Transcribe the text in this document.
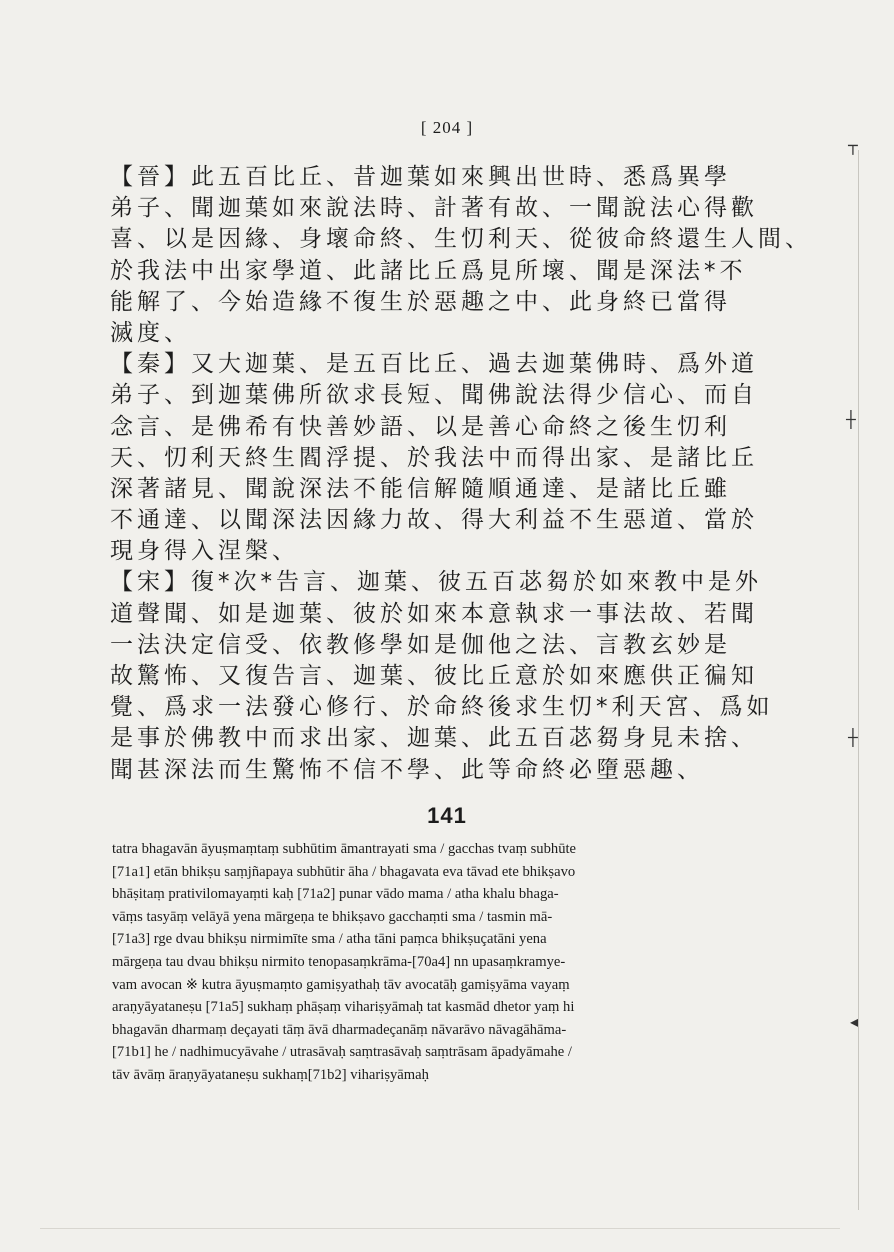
[ 204 ]
【晉】此五百比丘、昔迦葉如來興出世時、悉爲異學
弟子、聞迦葉如來說法時、計著有故、一聞說法心得歡
喜、以是因緣、身壞命終、生忉利天、從彼命終還生人間、
於我法中出家學道、此諸比丘爲見所壞、聞是深法*不
能解了、今始造緣不復生於惡趣之中、此身終已當得
滅度、
【秦】又大迦葉、是五百比丘、過去迦葉佛時、爲外道
弟子、到迦葉佛所欲求長短、聞佛說法得少信心、而自
念言、是佛希有快善妙語、以是善心命終之後生忉利
天、忉利天終生閻浮提、於我法中而得出家、是諸比丘
深著諸見、聞說深法不能信解隨順通達、是諸比丘雖
不通達、以聞深法因緣力故、得大利益不生惡道、當於
現身得入涅槃、
【宋】復*次*告言、迦葉、彼五百苾芻於如來教中是外
道聲聞、如是迦葉、彼於如來本意執求一事法故、若聞
一法決定信受、依教修學如是伽他之法、言教玄妙是
故驚怖、又復告言、迦葉、彼比丘意於如來應供正徧知
覺、爲求一法發心修行、於命終後求生忉*利天宮、爲如
是事於佛教中而求出家、迦葉、此五百苾芻身見未捨、
聞甚深法而生驚怖不信不學、此等命終必墮惡趣、
141
tatra bhagavān āyuṣmaṃtaṃ subhūtim āmantrayati sma / gacchas tvaṃ subhūte
[71a1] etān bhikṣu saṃjñapaya subhūtir āha / bhagavata eva tāvad ete bhikṣavo
bhāṣitaṃ prativilomayaṃti kaḥ [71a2] punar vādo mama / atha khalu bhaga-
vāṃs tasyāṃ velāyā yena mārgeṇa te bhikṣavo gacchaṃti sma / tasmin mā-
[71a3] rge dvau bhikṣu nirmimīte sma / atha tāni paṃca bhikṣuçatāni yena
mārgeṇa tau dvau bhikṣu nirmito tenopasaṃkrāma-[70a4] nn upasaṃkramye-
vam avocan ※ kutra āyuṣmaṃto gamiṣyathaḥ tāv avocatāḥ gamiṣyāma vayaṃ
araṇyāyataneṣu [71a5] sukhaṃ phāṣaṃ vihariṣyāmaḥ tat kasmād dhetor yaṃ hi
bhagavān dharmaṃ deçayati tāṃ āvā dharmadeçanāṃ nāvarāvo nāvagāhāma-
[71b1] he / nadhimucyāvahe / utrasāvaḥ saṃtrasāvaḥ saṃtrāsam āpadyāmahe /
tāv āvāṃ āraṇyāyataneṣu sukhaṃ[71b2] vihariṣyāmaḥ
┬
┼
┼
◂
